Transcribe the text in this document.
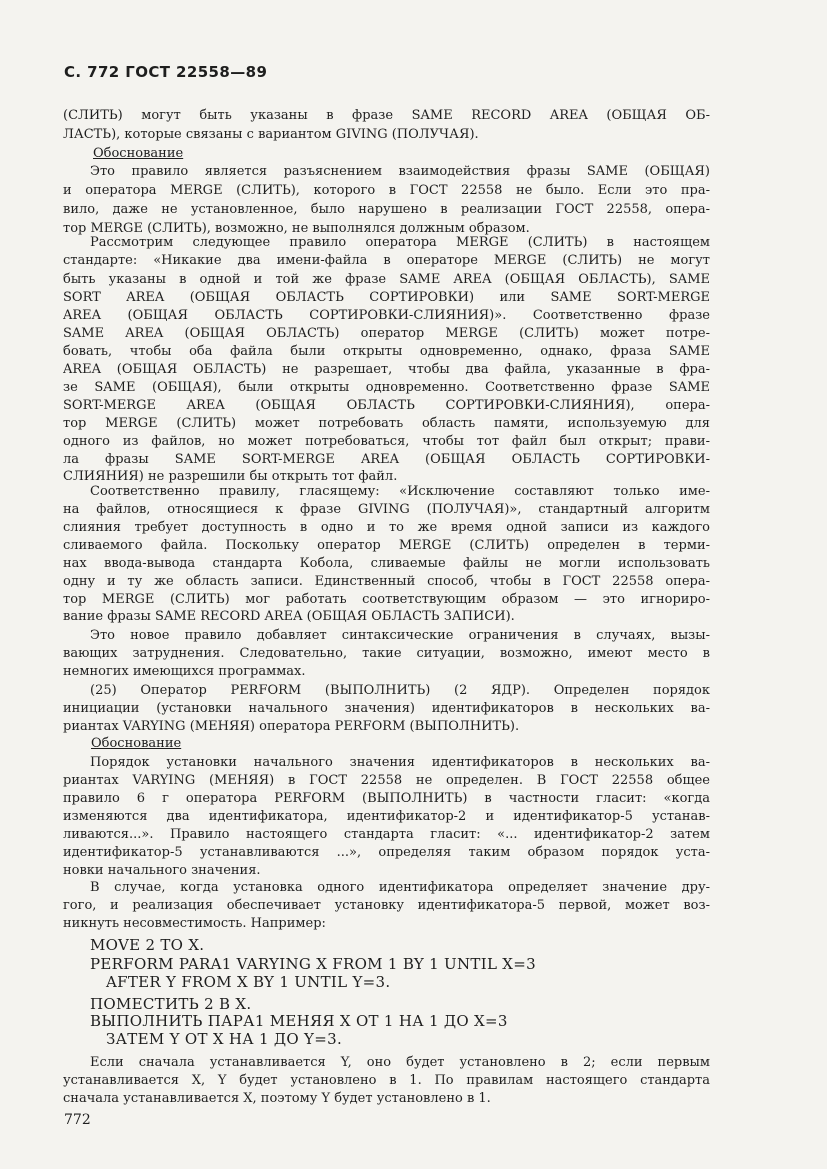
С. 772 ГОСТ 22558—89
(СЛИТЬ) могут быть указаны в фразе SAME RECORD AREA (ОБЩАЯ ОБ-
ЛАСТЬ), которые связаны с вариантом GIVING (ПОЛУЧАЯ).
Обоснование
Это правило является разъяснением взаимодействия фразы SAME (ОБЩАЯ)
и оператора MERGE (СЛИТЬ), которого в ГОСТ 22558 не было. Если это пра-
вило, даже не установленное, было нарушено в реализации ГОСТ 22558, опера-
тор MERGE (СЛИТЬ), возможно, не выполнялся должным образом.
Рассмотрим следующее правило оператора MERGE (СЛИТЬ) в настоящем
стандарте: «Никакие два имени-файла в операторе MERGE (СЛИТЬ) не могут
быть указаны в одной и той же фразе SAME AREA (ОБЩАЯ ОБЛАСТЬ), SAME
SORT AREA (ОБЩАЯ ОБЛАСТЬ СОРТИРОВКИ) или SAME SORT-MERGE
AREA (ОБЩАЯ ОБЛАСТЬ СОРТИРОВКИ-СЛИЯНИЯ)». Соответственно фразе
SAME AREA (ОБЩАЯ ОБЛАСТЬ) оператор MERGE (СЛИТЬ) может потре-
бовать, чтобы оба файла были открыты одновременно, однако, фраза SAME
AREA (ОБЩАЯ ОБЛАСТЬ) не разрешает, чтобы два файла, указанные в фра-
зе SAME (ОБЩАЯ), были открыты одновременно. Соответственно фразе SAME
SORT-MERGE AREA (ОБЩАЯ ОБЛАСТЬ СОРТИРОВКИ-СЛИЯНИЯ), опера-
тор MERGE (СЛИТЬ) может потребовать область памяти, используемую для
одного из файлов, но может потребоваться, чтобы тот файл был открыт; прави-
ла фразы SAME SORT-MERGE AREA (ОБЩАЯ ОБЛАСТЬ СОРТИРОВКИ-
СЛИЯНИЯ) не разрешили бы открыть тот файл.
Соответственно правилу, гласящему: «Исключение составляют только име-
на файлов, относящиеся к фразе GIVING (ПОЛУЧАЯ)», стандартный алгоритм
слияния требует доступность в одно и то же время одной записи из каждого
сливаемого файла. Поскольку оператор MERGE (СЛИТЬ) определен в терми-
нах ввода-вывода стандарта Кобола, сливаемые файлы не могли использовать
одну и ту же область записи. Единственный способ, чтобы в ГОСТ 22558 опера-
тор MERGE (СЛИТЬ) мог работать соответствующим образом — это игнориро-
вание фразы SAME RECORD AREA (ОБЩАЯ ОБЛАСТЬ ЗАПИСИ).
Это новое правило добавляет синтаксические ограничения в случаях, вызы-
вающих затруднения. Следовательно, такие ситуации, возможно, имеют место в
немногих имеющихся программах.
(25) Оператор PERFORM (ВЫПОЛНИТЬ) (2 ЯДР). Определен порядок
инициации (установки начального значения) идентификаторов в нескольких ва-
риантах VARYING (МЕНЯЯ) оператора PERFORM (ВЫПОЛНИТЬ).
Обоснование
Порядок установки начального значения идентификаторов в нескольких ва-
риантах VARYING (МЕНЯЯ) в ГОСТ 22558 не определен. В ГОСТ 22558 общее
правило 6 г оператора PERFORM (ВЫПОЛНИТЬ) в частности гласит: «когда
изменяются два идентификатора, идентификатор-2 и идентификатор-5 устанав-
ливаются...». Правило настоящего стандарта гласит: «... идентификатор-2 затем
идентификатор-5 устанавливаются ...», определяя таким образом порядок уста-
новки начального значения.
В случае, когда установка одного идентификатора определяет значение дру-
гого, и реализация обеспечивает установку идентификатора-5 первой, может воз-
никнуть несовместимость. Например:
MOVE 2 TO X.
PERFORM PARA1 VARYING X FROM 1 BY 1 UNTIL X=3
AFTER Y FROM X BY 1 UNTIL Y=3.
ПОМЕСТИТЬ 2 В X.
ВЫПОЛНИТЬ ПАРА1 МЕНЯЯ X ОТ 1 НА 1 ДО X=3
ЗАТЕМ Y ОТ X НА 1 ДО Y=3.
Если сначала устанавливается Y, оно будет установлено в 2; если первым
устанавливается X, Y будет установлено в 1. По правилам настоящего стандарта
сначала устанавливается X, поэтому Y будет установлено в 1.
772
